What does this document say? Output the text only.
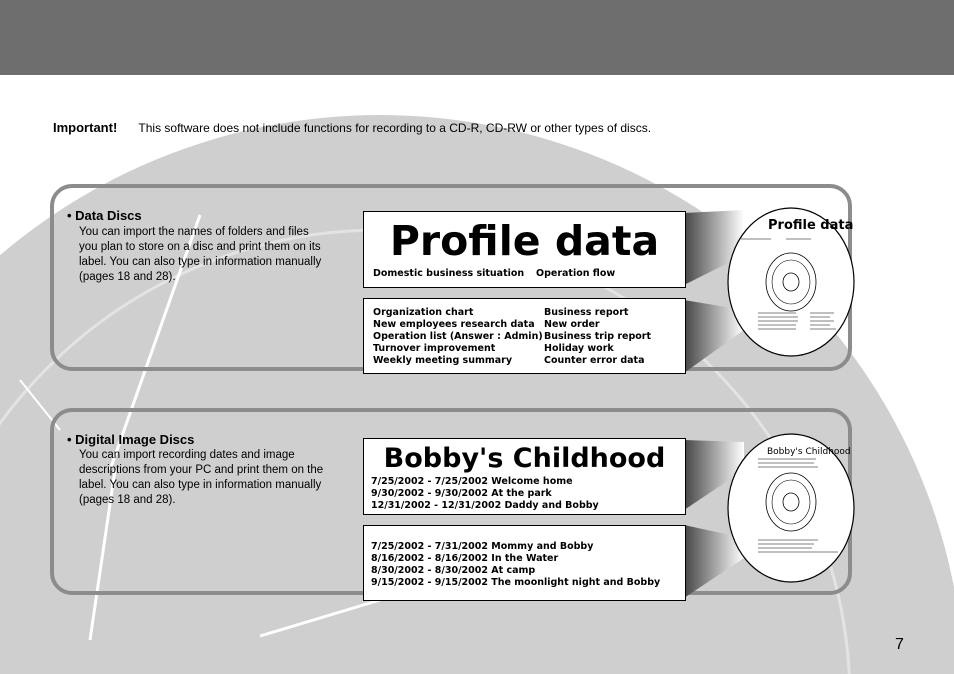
Important! This software does not include functions for recording to a CD-R, CD-RW or other types of discs.
• Data Discs
You can import the names of folders and files you plan to store on a disc and print them on its label. You can also type in information manually (pages 18 and 28).
Profile data
Domestic business situation Operation flow
Organization chart
New employees research data
Operation list (Answer : Admin)
Turnover improvement
Weekly meeting summary
Business report
New order
Business trip report
Holiday work
Counter error data
Profile data
• Digital Image Discs
You can import recording dates and image descriptions from your PC and print them on the label. You can also type in information manually (pages 18 and 28).
Bobby's Childhood
7/25/2002 - 7/25/2002 Welcome home
9/30/2002 - 9/30/2002 At the park
12/31/2002 - 12/31/2002 Daddy and Bobby
7/25/2002 - 7/31/2002 Mommy and Bobby
8/16/2002 - 8/16/2002 In the Water
8/30/2002 - 8/30/2002 At camp
9/15/2002 - 9/15/2002 The moonlight night and Bobby
Bobby's Childhood
7
